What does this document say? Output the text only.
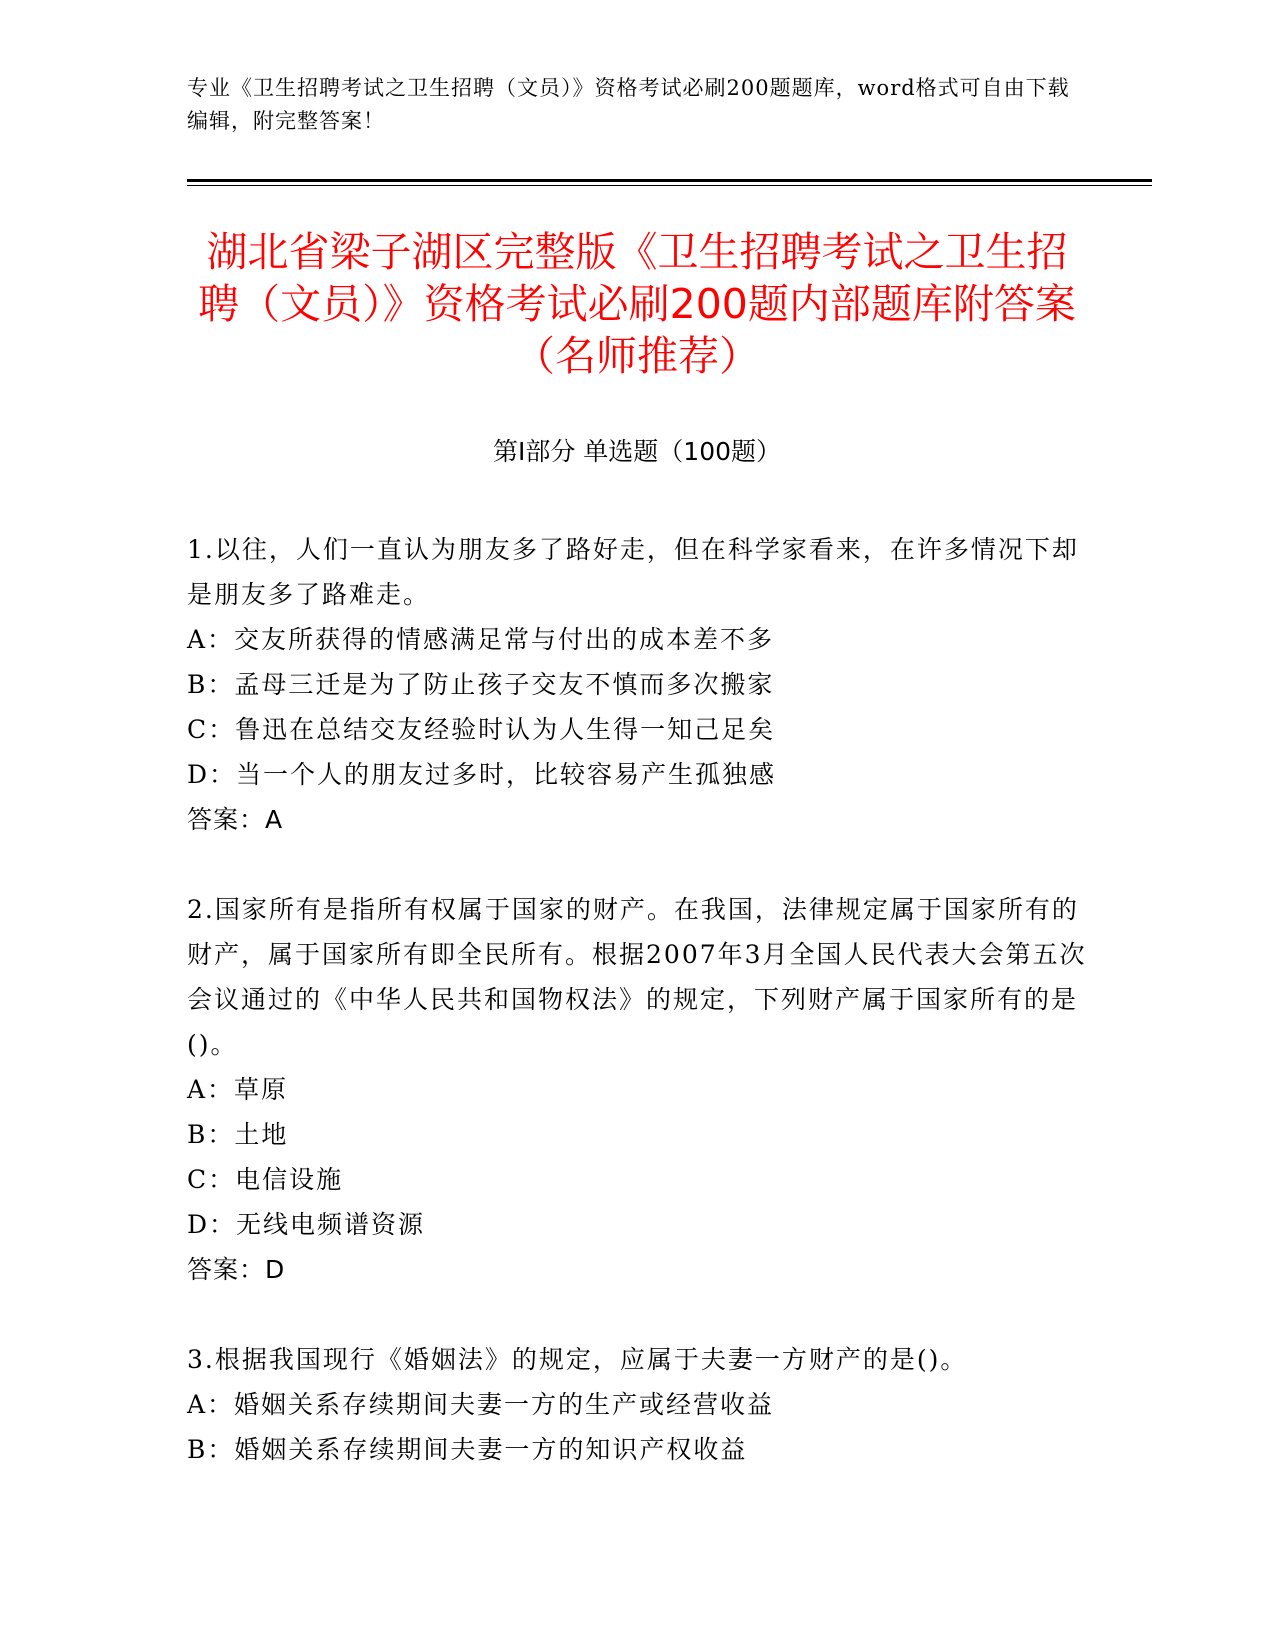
专业《卫生招聘考试之卫生招聘（文员）》资格考试必刷200题题库，word格式可自由下载编辑，附完整答案！
湖北省梁子湖区完整版《卫生招聘考试之卫生招聘（文员）》资格考试必刷200题内部题库附答案（名师推荐）
第Ⅰ部分 单选题（100题）

1.以往，人们一直认为朋友多了路好走，但在科学家看来，在许多情况下却是朋友多了路难走。

A：交友所获得的情感满足常与付出的成本差不多

B：孟母三迁是为了防止孩子交友不慎而多次搬家

C：鲁迅在总结交友经验时认为人生得一知己足矣

D：当一个人的朋友过多时，比较容易产生孤独感

答案：A

2.国家所有是指所有权属于国家的财产。在我国，法律规定属于国家所有的财产，属于国家所有即全民所有。根据2007年3月全国人民代表大会第五次会议通过的《中华人民共和国物权法》的规定，下列财产属于国家所有的是()。

A：草原

B：土地

C：电信设施

D：无线电频谱资源

答案：D

3.根据我国现行《婚姻法》的规定，应属于夫妻一方财产的是()。

A：婚姻关系存续期间夫妻一方的生产或经营收益

B：婚姻关系存续期间夫妻一方的知识产权收益
